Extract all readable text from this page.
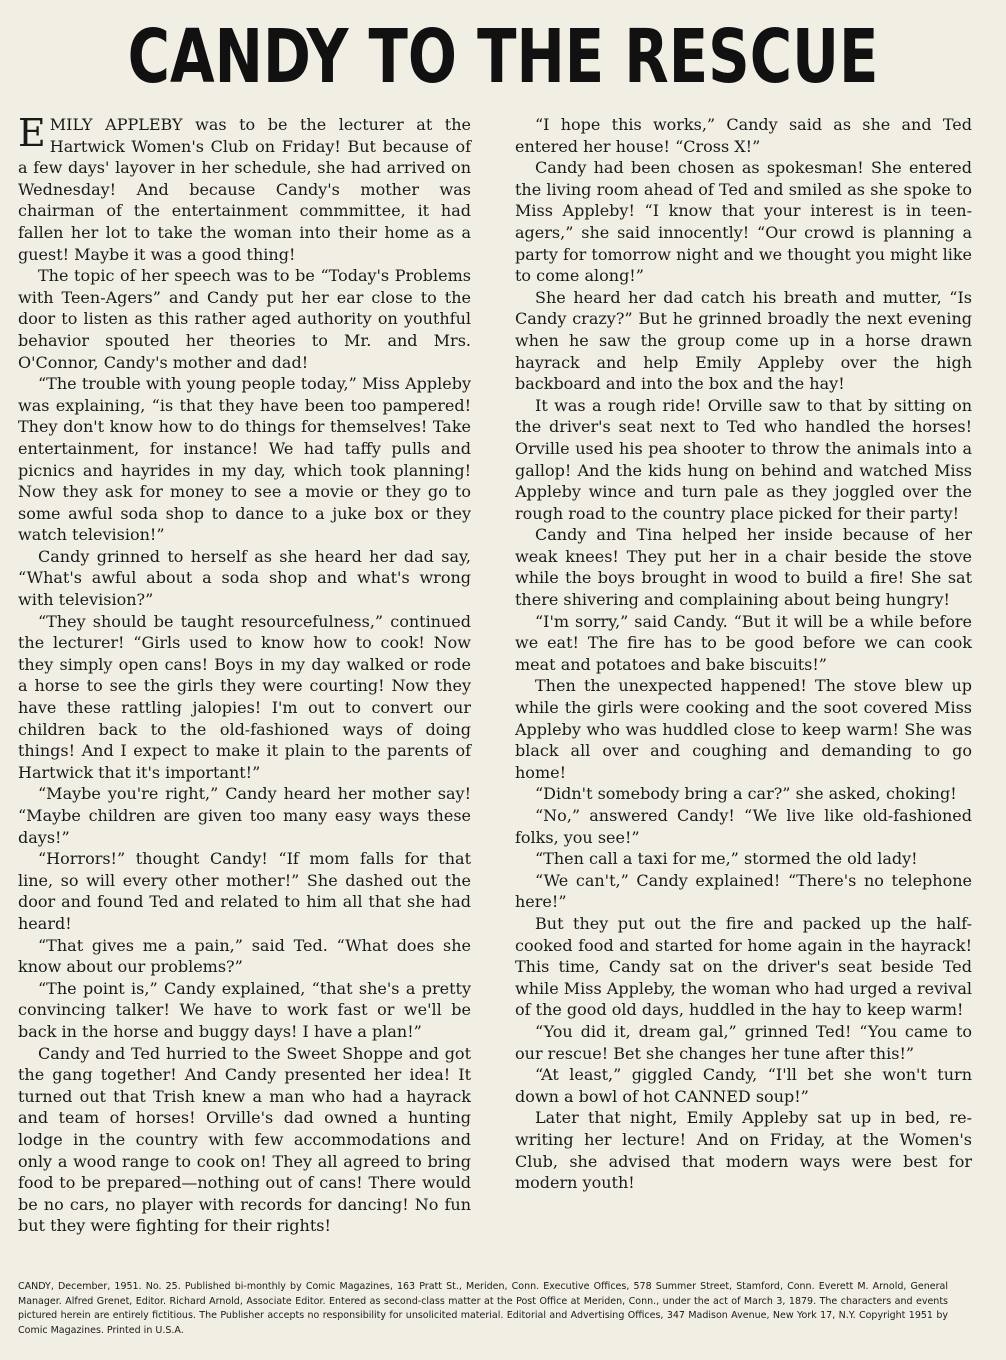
CANDY TO THE RESCUE

EMILY APPLEBY was to be the lecturer at the Hartwick Women's Club on Friday! But because of a few days' layover in her schedule, she had arrived on Wednesday! And because Candy's mother was chairman of the entertainment commmittee, it had fallen her lot to take the woman into their home as a guest! Maybe it was a good thing!

The topic of her speech was to be “Today's Problems with Teen-Agers” and Candy put her ear close to the door to listen as this rather aged authority on youthful behavior spouted her theories to Mr. and Mrs. O'Connor, Candy's mother and dad!

“The trouble with young people today,” Miss Appleby was explaining, “is that they have been too pampered! They don't know how to do things for themselves! Take entertainment, for instance! We had taffy pulls and picnics and hayrides in my day, which took planning! Now they ask for money to see a movie or they go to some awful soda shop to dance to a juke box or they watch television!”

Candy grinned to herself as she heard her dad say, “What's awful about a soda shop and what's wrong with television?”

“They should be taught resourcefulness,” continued the lecturer! “Girls used to know how to cook! Now they simply open cans! Boys in my day walked or rode a horse to see the girls they were courting! Now they have these rattling jalopies! I'm out to convert our children back to the old-fashioned ways of doing things! And I expect to make it plain to the parents of Hartwick that it's important!”

“Maybe you're right,” Candy heard her mother say! “Maybe children are given too many easy ways these days!”

“Horrors!” thought Candy! “If mom falls for that line, so will every other mother!” She dashed out the door and found Ted and related to him all that she had heard!

“That gives me a pain,” said Ted. “What does she know about our problems?”

“The point is,” Candy explained, “that she's a pretty convincing talker! We have to work fast or we'll be back in the horse and buggy days! I have a plan!”

Candy and Ted hurried to the Sweet Shoppe and got the gang together! And Candy presented her idea! It turned out that Trish knew a man who had a hayrack and team of horses! Orville's dad owned a hunting lodge in the country with few accommodations and only a wood range to cook on! They all agreed to bring food to be prepared—nothing out of cans! There would be no cars, no player with records for dancing! No fun but they were fighting for their rights!

“I hope this works,” Candy said as she and Ted entered her house! “Cross X!”

Candy had been chosen as spokesman! She entered the living room ahead of Ted and smiled as she spoke to Miss Appleby! “I know that your interest is in teen-agers,” she said innocently! “Our crowd is planning a party for tomorrow night and we thought you might like to come along!”

She heard her dad catch his breath and mutter, “Is Candy crazy?” But he grinned broadly the next evening when he saw the group come up in a horse drawn hayrack and help Emily Appleby over the high backboard and into the box and the hay!

It was a rough ride! Orville saw to that by sitting on the driver's seat next to Ted who handled the horses! Orville used his pea shooter to throw the animals into a gallop! And the kids hung on behind and watched Miss Appleby wince and turn pale as they joggled over the rough road to the country place picked for their party!

Candy and Tina helped her inside because of her weak knees! They put her in a chair beside the stove while the boys brought in wood to build a fire! She sat there shivering and complaining about being hungry!

“I'm sorry,” said Candy. “But it will be a while before we eat! The fire has to be good before we can cook meat and potatoes and bake biscuits!”

Then the unexpected happened! The stove blew up while the girls were cooking and the soot covered Miss Appleby who was huddled close to keep warm! She was black all over and coughing and demanding to go home!

“Didn't somebody bring a car?” she asked, choking!

“No,” answered Candy! “We live like old-fashioned folks, you see!”

“Then call a taxi for me,” stormed the old lady!

“We can't,” Candy explained! “There's no telephone here!”

But they put out the fire and packed up the half-cooked food and started for home again in the hayrack! This time, Candy sat on the driver's seat beside Ted while Miss Appleby, the woman who had urged a revival of the good old days, huddled in the hay to keep warm!

“You did it, dream gal,” grinned Ted! “You came to our rescue! Bet she changes her tune after this!”

“At least,” giggled Candy, “I'll bet she won't turn down a bowl of hot CANNED soup!”

Later that night, Emily Appleby sat up in bed, re-writing her lecture! And on Friday, at the Women's Club, she advised that modern ways were best for modern youth!

CANDY, December, 1951. No. 25. Published bi-monthly by Comic Magazines, 163 Pratt St., Meriden, Conn. Executive Offices, 578 Summer Street, Stamford, Conn. Everett M. Arnold, General Manager. Alfred Grenet, Editor. Richard Arnold, Associate Editor. Entered as second-class matter at the Post Office at Meriden, Conn., under the act of March 3, 1879. The characters and events pictured herein are entirely fictitious. The Publisher accepts no responsibility for unsolicited material. Editorial and Advertising Offices, 347 Madison Avenue, New York 17, N.Y. Copyright 1951 by Comic Magazines. Printed in U.S.A.
